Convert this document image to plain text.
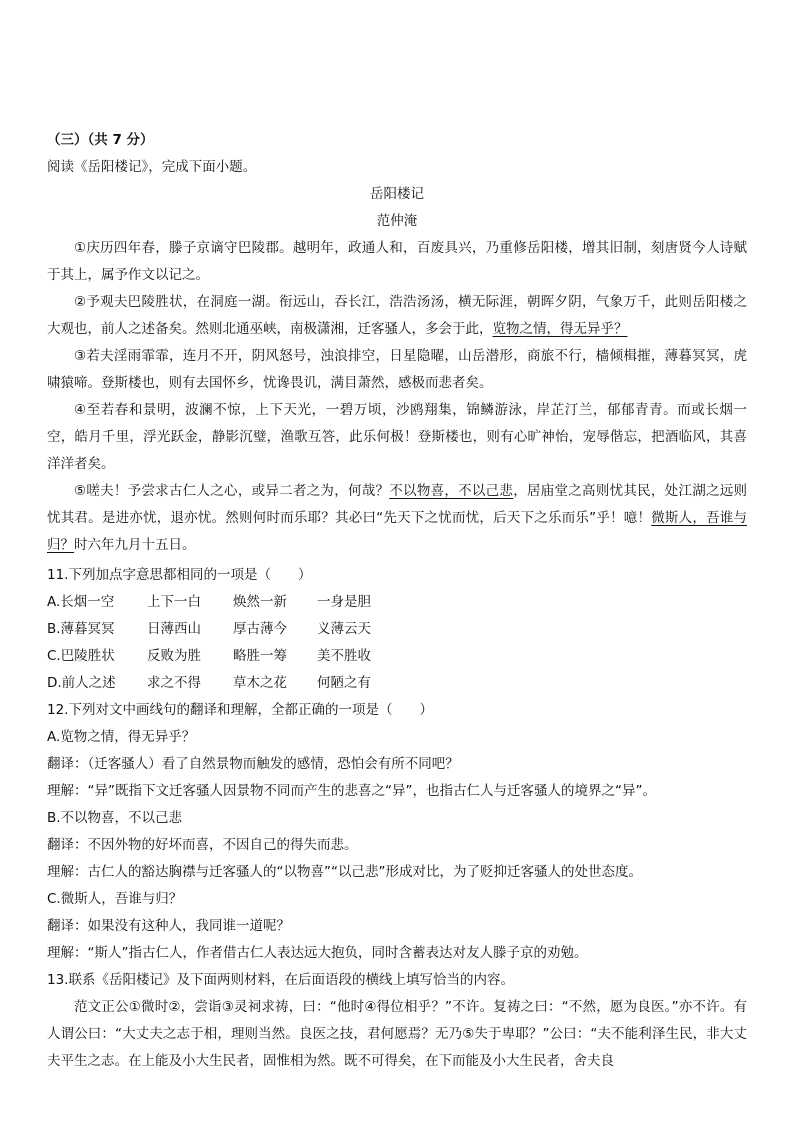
（三）（共 7 分）
阅读《岳阳楼记》，完成下面小题。
岳阳楼记
范仲淹
①庆历四年春，滕子京谪守巴陵郡。越明年，政通人和，百废具兴，乃重修岳阳楼，增其旧制，刻唐贤今人诗赋于其上，属予作文以记之。
②予观夫巴陵胜状，在洞庭一湖。衔远山，吞长江，浩浩汤汤，横无际涯，朝晖夕阴，气象万千，此则岳阳楼之大观也，前人之述备矣。然则北通巫峡，南极潇湘，迁客骚人，多会于此，览物之情，得无异乎？
③若夫淫雨霏霏，连月不开，阴风怒号，浊浪排空，日星隐曜，山岳潜形，商旅不行，樯倾楫摧，薄暮冥冥，虎啸猿啼。登斯楼也，则有去国怀乡，忧谗畏讥，满目萧然，感极而悲者矣。
④至若春和景明，波澜不惊，上下天光，一碧万顷，沙鸥翔集，锦鳞游泳，岸芷汀兰，郁郁青青。而或长烟一空，皓月千里，浮光跃金，静影沉璧，渔歌互答，此乐何极！登斯楼也，则有心旷神怡，宠辱偕忘，把酒临风，其喜洋洋者矣。
⑤嗟夫！予尝求古仁人之心，或异二者之为，何哉？不以物喜，不以己悲，居庙堂之高则忧其民，处江湖之远则忧其君。是进亦忧，退亦忧。然则何时而乐耶？其必曰“先天下之忧而忧，后天下之乐而乐”乎！噫！微斯人，吾谁与归？时六年九月十五日。
11.下列加点字意思都相同的一项是（　　）
A.长烟一空 上下一白 焕然一新 一身是胆
B.薄暮冥冥 日薄西山 厚古薄今 义薄云天
C.巴陵胜状 反败为胜 略胜一筹 美不胜收
D.前人之述 求之不得 草木之花 何陋之有
12.下列对文中画线句的翻译和理解，全都正确的一项是（　　）
A.览物之情，得无异乎？
翻译：（迁客骚人）看了自然景物而触发的感情，恐怕会有所不同吧？
理解：“异”既指下文迁客骚人因景物不同而产生的悲喜之“异”，也指古仁人与迁客骚人的境界之“异”。
B.不以物喜，不以己悲
翻译：不因外物的好坏而喜，不因自己的得失而悲。
理解：古仁人的豁达胸襟与迁客骚人的“以物喜”“以己悲”形成对比，为了贬抑迁客骚人的处世态度。
C.微斯人，吾谁与归？
翻译：如果没有这种人，我同谁一道呢？
理解：“斯人”指古仁人，作者借古仁人表达远大抱负，同时含蓄表达对友人滕子京的劝勉。
13.联系《岳阳楼记》及下面两则材料，在后面语段的横线上填写恰当的内容。
范文正公①微时②，尝诣③灵祠求祷，曰：“他时④得位相乎？”不许。复祷之曰：“不然，愿为良医。”亦不许。有人谓公曰：“大丈夫之志于相，理则当然。良医之技，君何愿焉？无乃⑤失于卑耶？”公曰：“夫不能利泽生民，非大丈夫平生之志。在上能及小大生民者，固惟相为然。既不可得矣，在下而能及小大生民者，舍夫良
